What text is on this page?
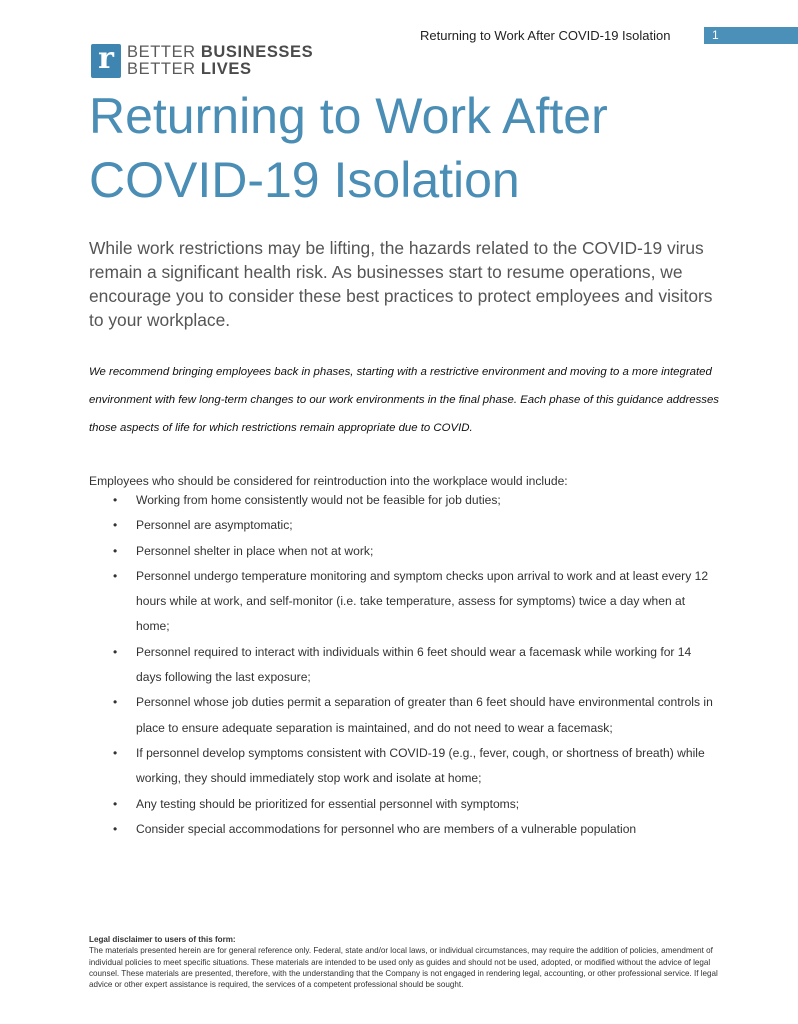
Returning to Work After COVID-19 Isolation	1
r BETTER BUSINESSES
BETTER LIVES
Returning to Work After COVID-19 Isolation

While work restrictions may be lifting, the hazards related to the COVID-19 virus remain a significant health risk. As businesses start to resume operations, we encourage you to consider these best practices to protect employees and visitors to your workplace.

We recommend bringing employees back in phases, starting with a restrictive environment and moving to a more integrated environment with few long-term changes to our work environments in the final phase. Each phase of this guidance addresses those aspects of life for which restrictions remain appropriate due to COVID.

Employees who should be considered for reintroduction into the workplace would include:

• Working from home consistently would not be feasible for job duties;
• Personnel are asymptomatic;
• Personnel shelter in place when not at work;
• Personnel undergo temperature monitoring and symptom checks upon arrival to work and at least every 12 hours while at work, and self-monitor (i.e. take temperature, assess for symptoms) twice a day when at home;
• Personnel required to interact with individuals within 6 feet should wear a facemask while working for 14 days following the last exposure;
• Personnel whose job duties permit a separation of greater than 6 feet should have environmental controls in place to ensure adequate separation is maintained, and do not need to wear a facemask;
• If personnel develop symptoms consistent with COVID-19 (e.g., fever, cough, or shortness of breath) while working, they should immediately stop work and isolate at home;
• Any testing should be prioritized for essential personnel with symptoms;
• Consider special accommodations for personnel who are members of a vulnerable population
Legal disclaimer to users of this form:
The materials presented herein are for general reference only. Federal, state and/or local laws, or individual circumstances, may require the addition of policies, amendment of individual policies to meet specific situations. These materials are intended to be used only as guides and should not be used, adopted, or modified without the advice of legal counsel. These materials are presented, therefore, with the understanding that the Company is not engaged in rendering legal, accounting, or other professional service. If legal advice or other expert assistance is required, the services of a competent professional should be sought.
